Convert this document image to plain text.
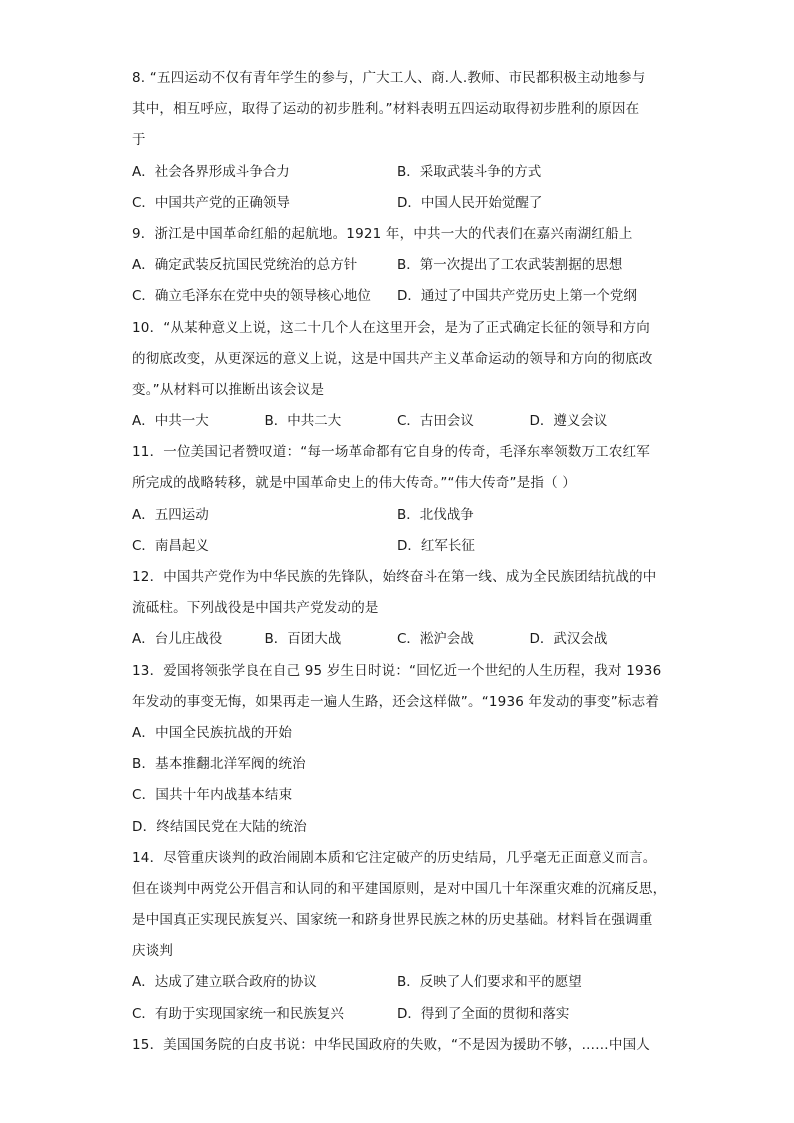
8. “五四运动不仅有青年学生的参与，广大工人、商.人.教师、市民都积极主动地参与
其中，相互呼应，取得了运动的初步胜利。”材料表明五四运动取得初步胜利的原因在
于
A．社会各界形成斗争合力	B．采取武装斗争的方式
C．中国共产党的正确领导	D．中国人民开始觉醒了
9．浙江是中国革命红船的起航地。1921 年，中共一大的代表们在嘉兴南湖红船上
A．确定武装反抗国民党统治的总方针	B．第一次提出了工农武装割据的思想
C．确立毛泽东在党中央的领导核心地位	D．通过了中国共产党历史上第一个党纲
10．“从某种意义上说，这二十几个人在这里开会，是为了正式确定长征的领导和方向
的彻底改变，从更深远的意义上说，这是中国共产主义革命运动的领导和方向的彻底改
变。”从材料可以推断出该会议是
A．中共一大	B．中共二大	C．古田会议	D．遵义会议
11．一位美国记者赞叹道：“每一场革命都有它自身的传奇，毛泽东率领数万工农红军
所完成的战略转移，就是中国革命史上的伟大传奇。”“伟大传奇”是指（ ）
A．五四运动	B．北伐战争
C．南昌起义	D．红军长征
12．中国共产党作为中华民族的先锋队，始终奋斗在第一线、成为全民族团结抗战的中
流砥柱。下列战役是中国共产党发动的是
A．台儿庄战役	B．百团大战	C．淞沪会战	D．武汉会战
13．爱国将领张学良在自己 95 岁生日时说：“回忆近一个世纪的人生历程，我对 1936
年发动的事变无悔，如果再走一遍人生路，还会这样做”。“1936 年发动的事变”标志着
A．中国全民族抗战的开始
B．基本推翻北洋军阀的统治
C．国共十年内战基本结束
D．终结国民党在大陆的统治
14．尽管重庆谈判的政治闹剧本质和它注定破产的历史结局，几乎毫无正面意义而言。
但在谈判中两党公开倡言和认同的和平建国原则，是对中国几十年深重灾难的沉痛反思，
是中国真正实现民族复兴、国家统一和跻身世界民族之林的历史基础。材料旨在强调重
庆谈判
A．达成了建立联合政府的协议	B．反映了人们要求和平的愿望
C．有助于实现国家统一和民族复兴	D．得到了全面的贯彻和落实
15．美国国务院的白皮书说：中华民国政府的失败，“不是因为援助不够，……中国人
